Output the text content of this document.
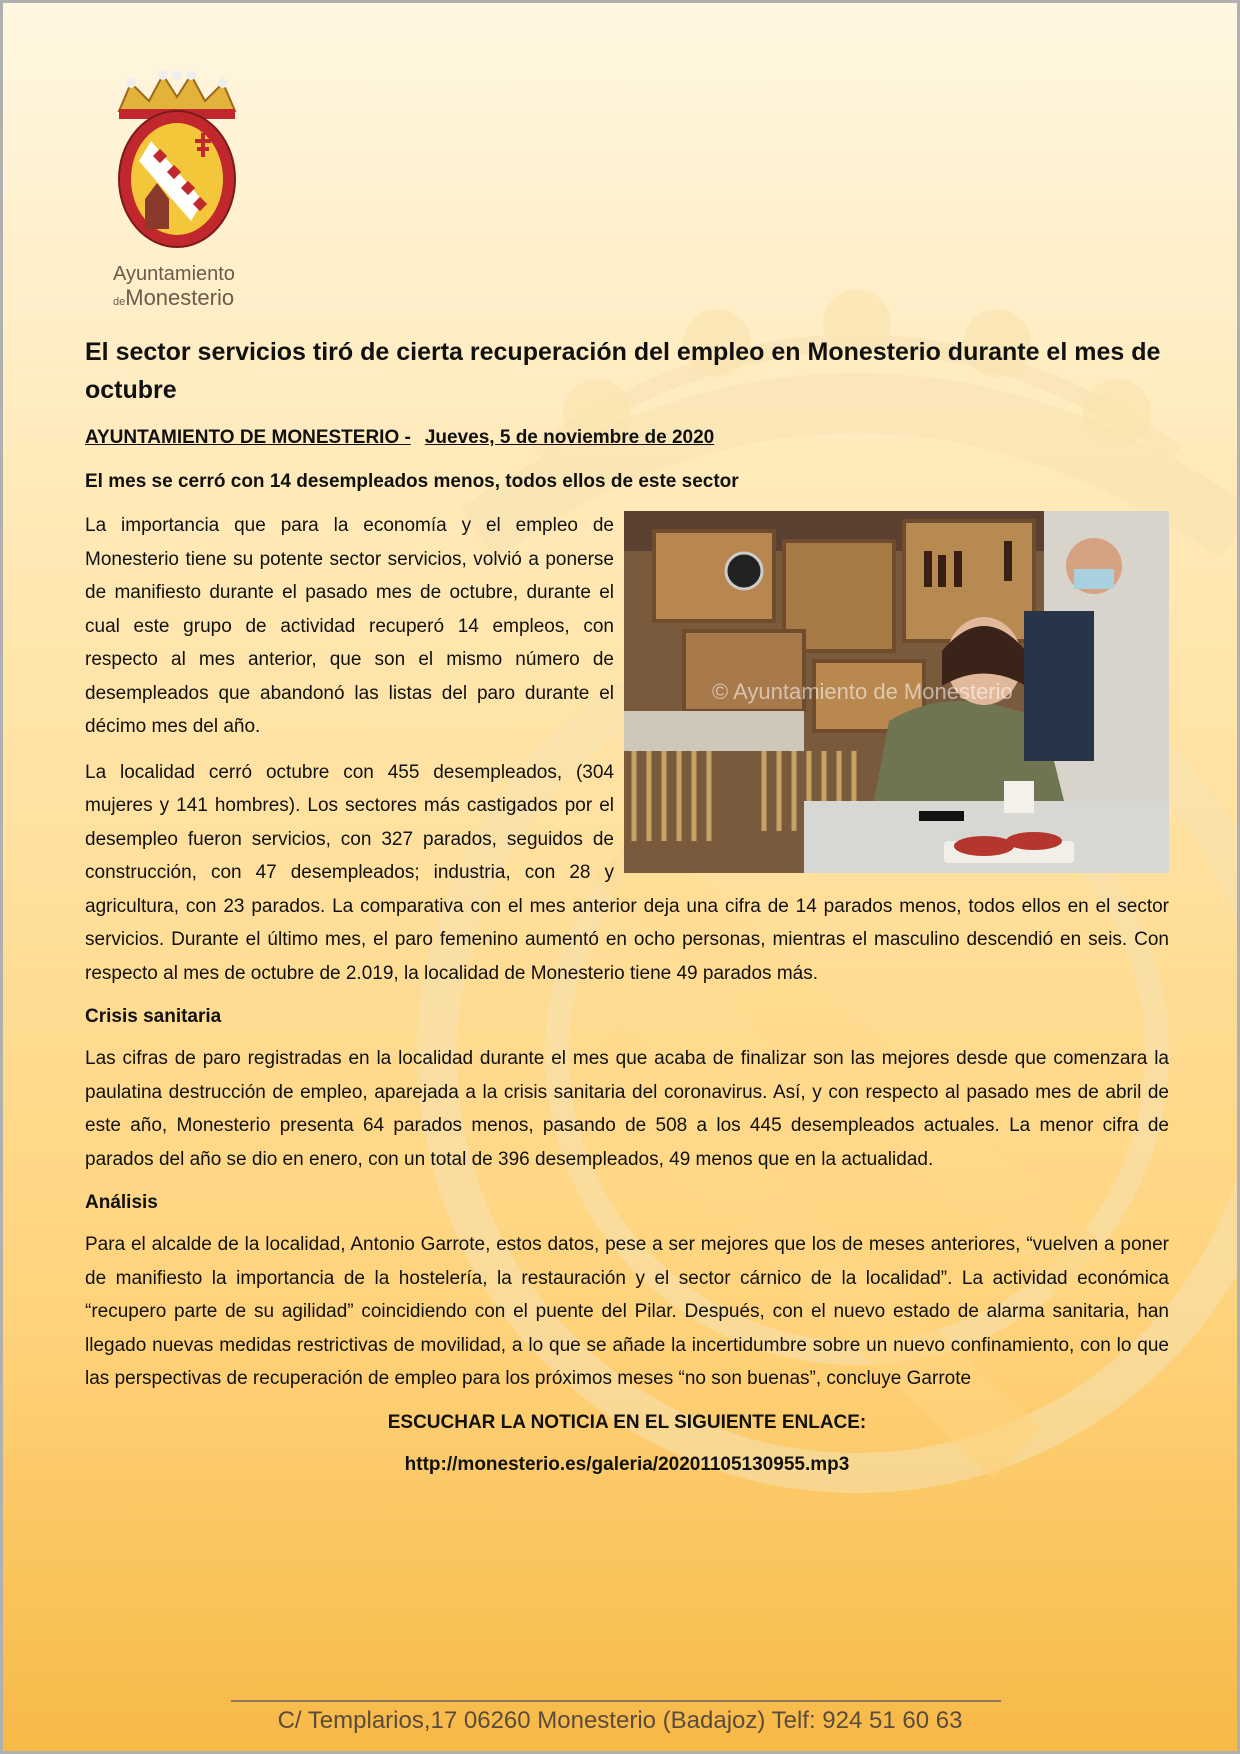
Ayuntamiento
deMonesterio
El sector servicios tiró de cierta recuperación del empleo en Monesterio durante el mes de octubre
AYUNTAMIENTO DE MONESTERIO - Jueves, 5 de noviembre de 2020
El mes se cerró con 14 desempleados menos, todos ellos de este sector
© Ayuntamiento de Monesterio

La importancia que para la economía y el empleo de Monesterio tiene su potente sector servicios, volvió a ponerse de manifiesto durante el pasado mes de octubre, durante el cual este grupo de actividad recuperó 14 empleos, con respecto al mes anterior, que son el mismo número de desempleados que abandonó las listas del paro durante el décimo mes del año.

La localidad cerró octubre con 455 desempleados, (304 mujeres y 141 hombres). Los sectores más castigados por el desempleo fueron servicios, con 327 parados, seguidos de construcción, con 47 desempleados; industria, con 28 y agricultura, con 23 parados. La comparativa con el mes anterior deja una cifra de 14 parados menos, todos ellos en el sector servicios. Durante el último mes, el paro femenino aumentó en ocho personas, mientras el masculino descendió en seis. Con respecto al mes de octubre de 2.019, la localidad de Monesterio tiene 49 parados más.

Crisis sanitaria

Las cifras de paro registradas en la localidad durante el mes que acaba de finalizar son las mejores desde que comenzara la paulatina destrucción de empleo, aparejada a la crisis sanitaria del coronavirus. Así, y con respecto al pasado mes de abril de este año, Monesterio presenta 64 parados menos, pasando de 508 a los 445 desempleados actuales. La menor cifra de parados del año se dio en enero, con un total de 396 desempleados, 49 menos que en la actualidad.

Análisis

Para el alcalde de la localidad, Antonio Garrote, estos datos, pese a ser mejores que los de meses anteriores, “vuelven a poner de manifiesto la importancia de la hostelería, la restauración y el sector cárnico de la localidad”. La actividad económica “recupero parte de su agilidad” coincidiendo con el puente del Pilar. Después, con el nuevo estado de alarma sanitaria, han llegado nuevas medidas restrictivas de movilidad, a lo que se añade la incertidumbre sobre un nuevo confinamiento, con lo que las perspectivas de recuperación de empleo para los próximos meses “no son buenas”, concluye Garrote

ESCUCHAR LA NOTICIA EN EL SIGUIENTE ENLACE:
http://monesterio.es/galeria/20201105130955.mp3
C/ Templarios,17 06260 Monesterio (Badajoz) Telf: 924 51 60 63
